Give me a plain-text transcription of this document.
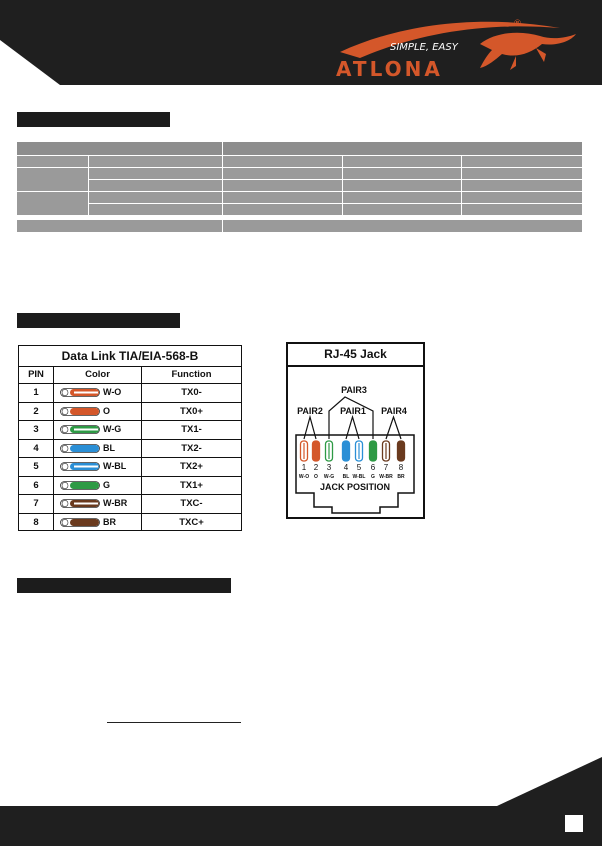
SIMPLE, EASY
ATLONA
®
Data Link TIA/EIA-568-B
PIN	Color	Function
1	W-O	TX0-
2	O	TX0+
3	W-G	TX1-
4	BL	TX2-
5	W-BL	TX2+
6	G	TX1+
7	W-BR	TXC-
8	BR	TXC+
RJ-45 Jack
PAIR3
PAIR2 PAIR1 PAIR4
1
W-O
2
O
3
W-G
4
BL
5
W-BL
6
G
7
W-BR
8
BR
JACK POSITION
